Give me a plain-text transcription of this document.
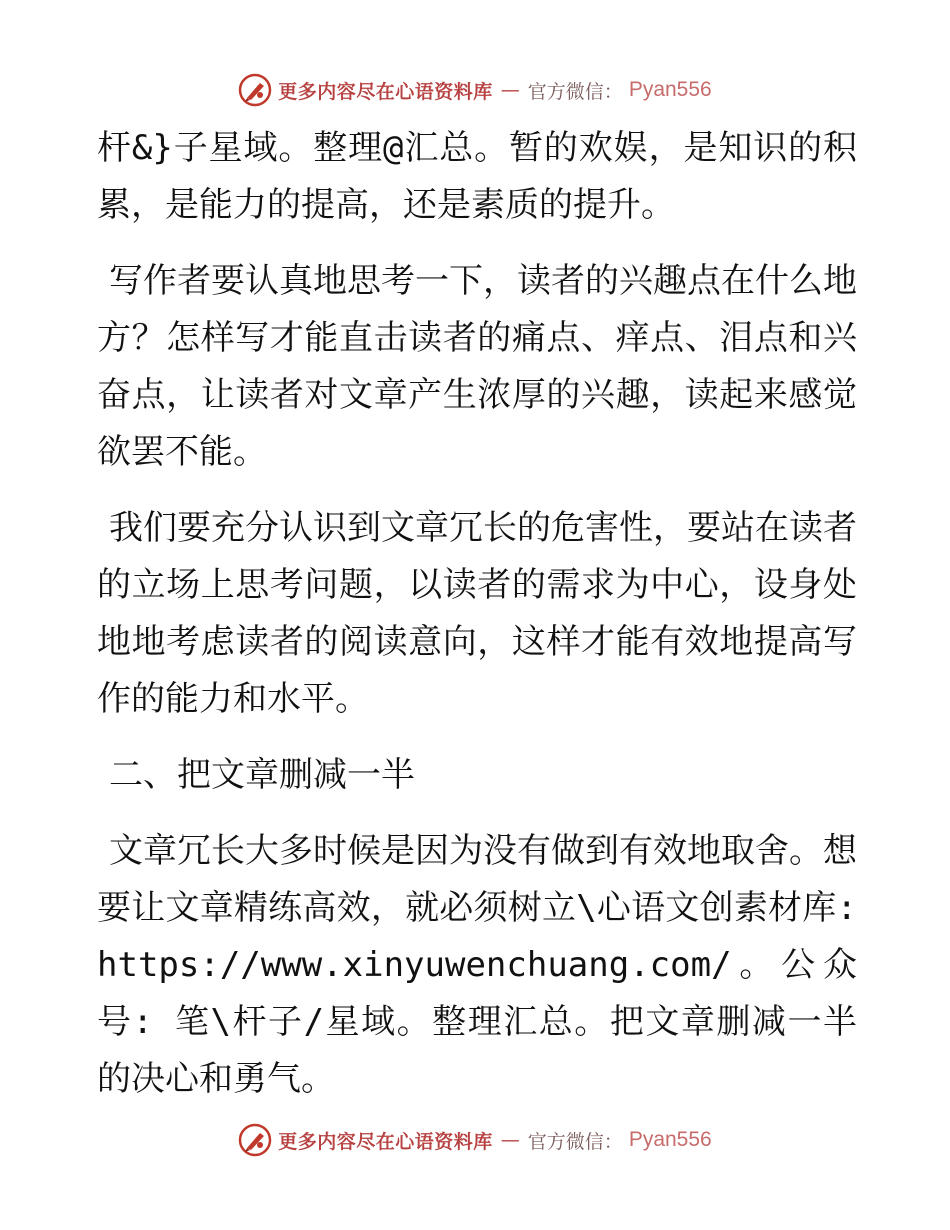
更多内容尽在心语资料库 — 官方微信： Pyan556

杆&}子星域。整理@汇总。暂的欢娱，是知识的积累，是能力的提高，还是素质的提升。

写作者要认真地思考一下，读者的兴趣点在什么地方？怎样写才能直击读者的痛点、痒点、泪点和兴奋点，让读者对文章产生浓厚的兴趣，读起来感觉欲罢不能。

我们要充分认识到文章冗长的危害性，要站在读者的立场上思考问题，以读者的需求为中心，设身处地地考虑读者的阅读意向，这样才能有效地提高写作的能力和水平。

二、把文章删减一半

文章冗长大多时候是因为没有做到有效地取舍。想要让文章精练高效，就必须树立\心语文创素材库: https://www.xinyuwenchuang.com/。公众号: 笔\杆子/星域。整理汇总。把文章删减一半的决心和勇气。

更多内容尽在心语资料库 — 官方微信： Pyan556
